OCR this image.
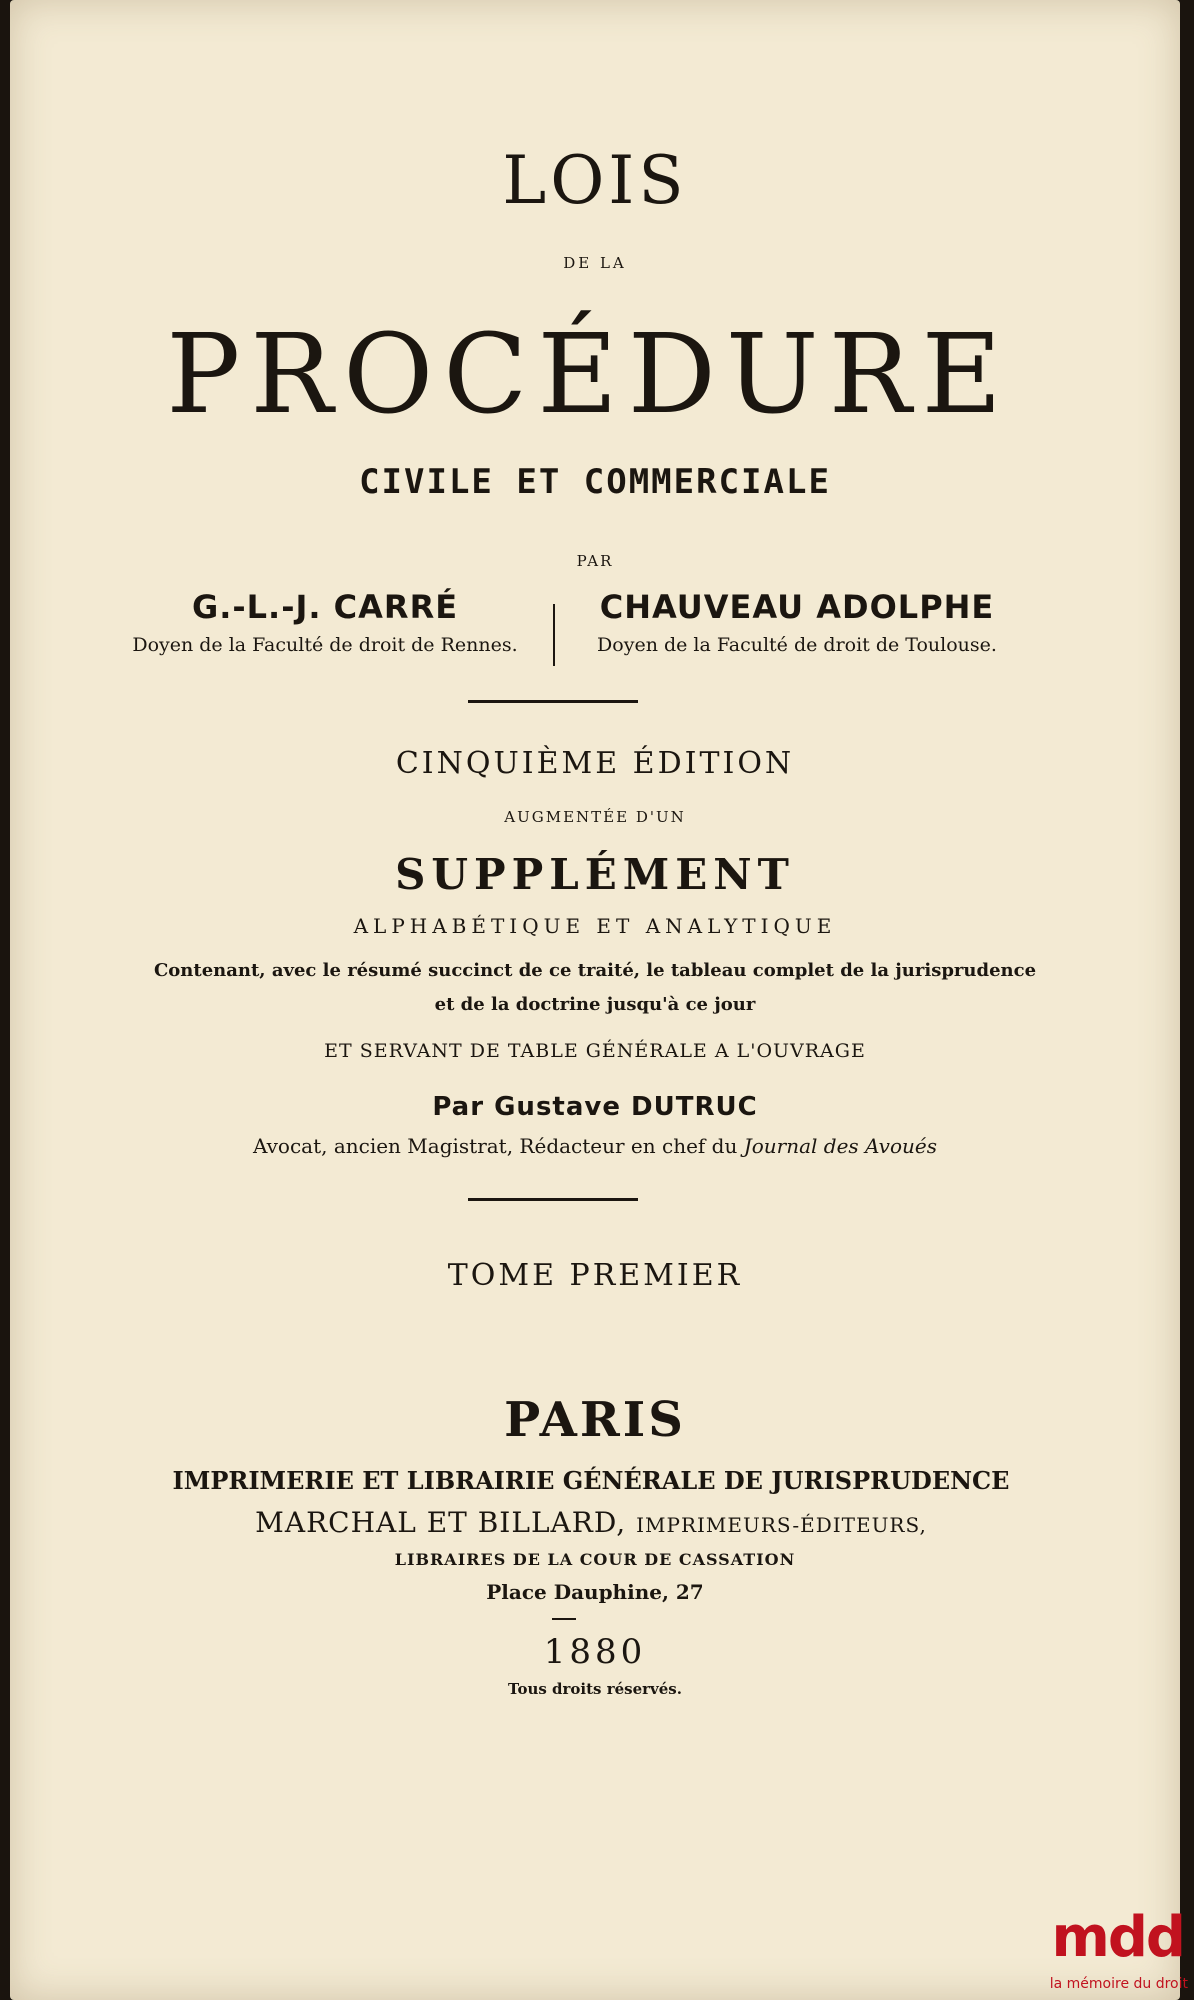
LOIS
DE LA
PROCÉDURE
CIVILE ET COMMERCIALE
PAR
G.-L.-J. CARRÉ
Doyen de la Faculté de droit de Rennes.
CHAUVEAU ADOLPHE
Doyen de la Faculté de droit de Toulouse.
CINQUIÈME ÉDITION
AUGMENTÉE D'UN
SUPPLÉMENT
ALPHABÉTIQUE ET ANALYTIQUE
Contenant, avec le résumé succinct de ce traité, le tableau complet de la jurisprudence
et de la doctrine jusqu'à ce jour
ET SERVANT DE TABLE GÉNÉRALE A L'OUVRAGE
Par Gustave DUTRUC
Avocat, ancien Magistrat, Rédacteur en chef du Journal des Avoués
TOME PREMIER
PARIS
IMPRIMERIE ET LIBRAIRIE GÉNÉRALE DE JURISPRUDENCE
MARCHAL ET BILLARD, IMPRIMEURS-ÉDITEURS,
LIBRAIRES DE LA COUR DE CASSATION
Place Dauphine, 27
1880
Tous droits réservés.
mdd
la mémoire du droit
